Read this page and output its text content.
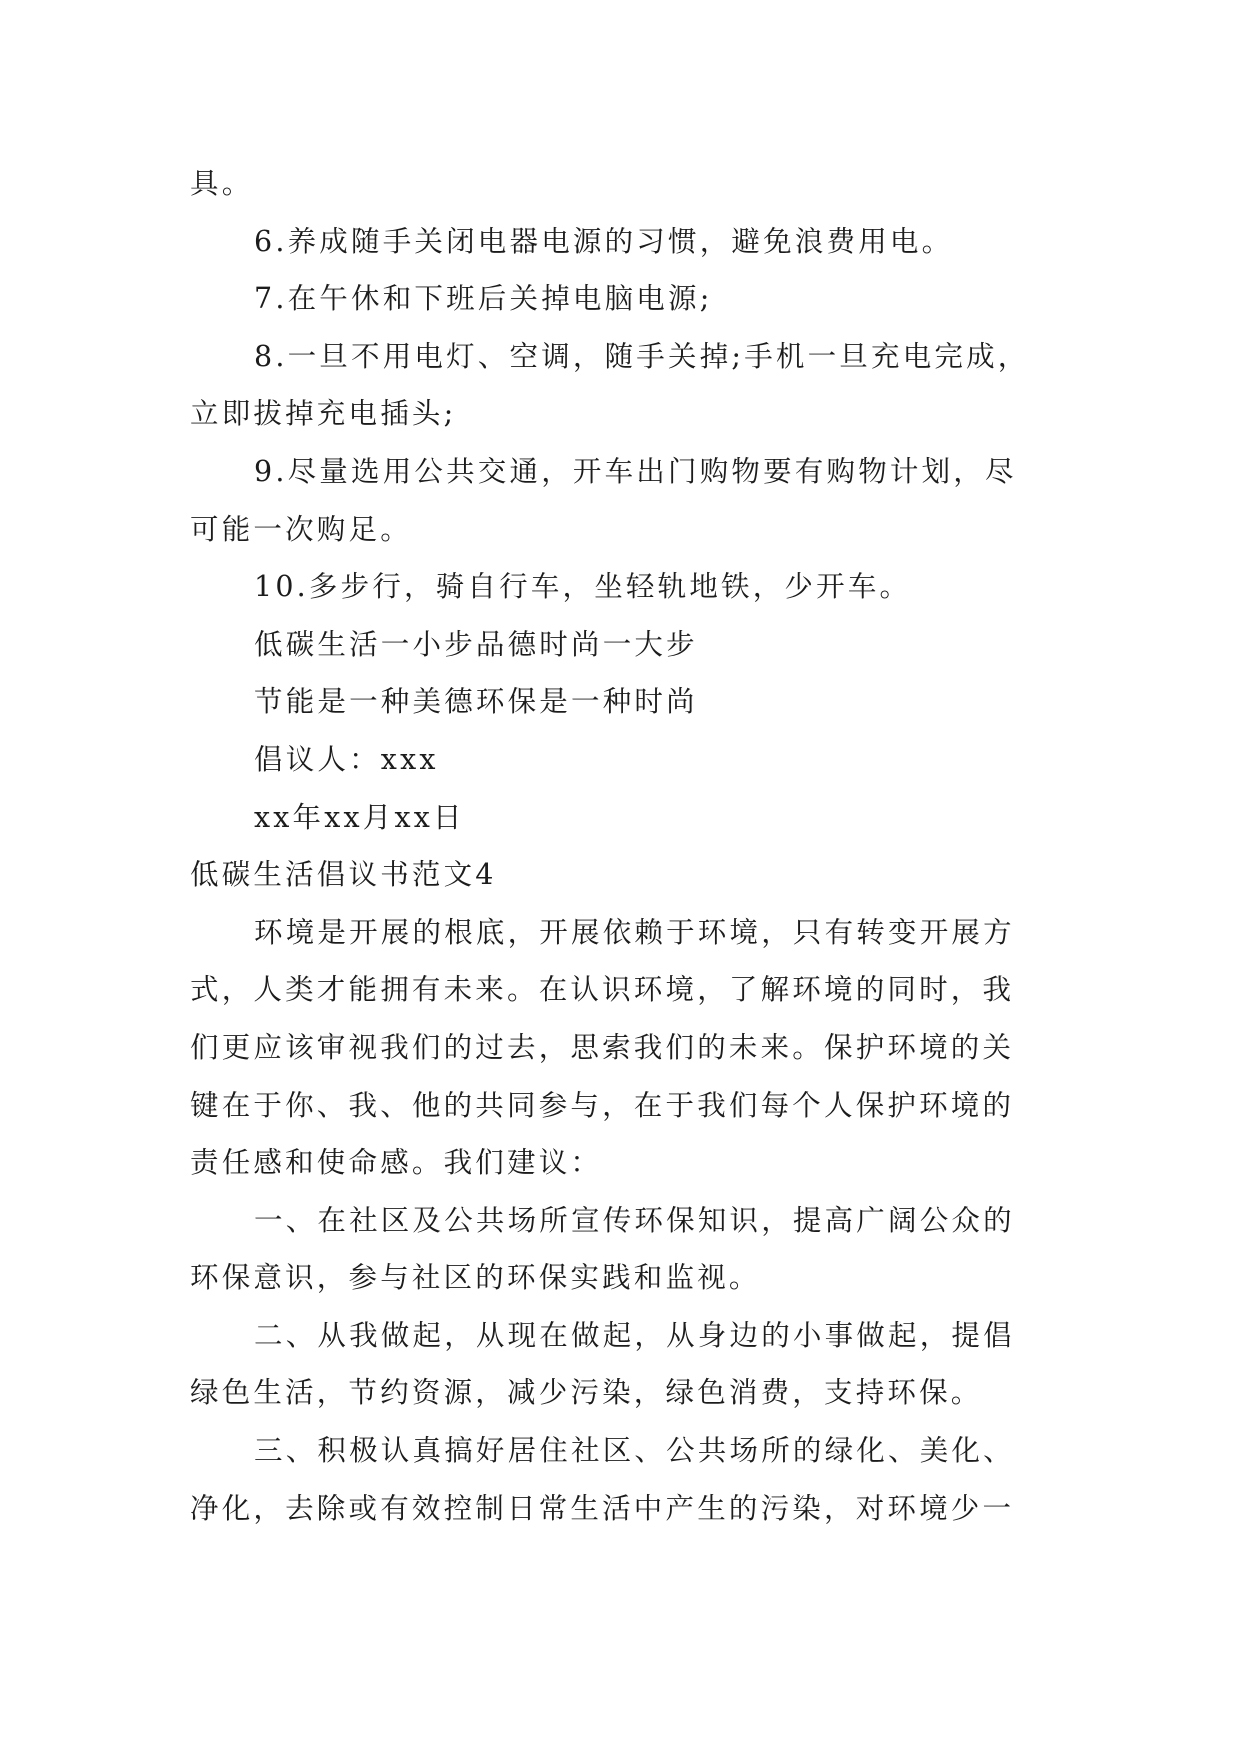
具。
6.养成随手关闭电器电源的习惯，避免浪费用电。
7.在午休和下班后关掉电脑电源;
8.一旦不用电灯、空调，随手关掉;手机一旦充电完成，
立即拔掉充电插头;
9.尽量选用公共交通，开车出门购物要有购物计划，尽
可能一次购足。
10.多步行，骑自行车，坐轻轨地铁，少开车。
低碳生活一小步品德时尚一大步
节能是一种美德环保是一种时尚
倡议人：xxx
xx年xx月xx日
低碳生活倡议书范文4
环境是开展的根底，开展依赖于环境，只有转变开展方
式，人类才能拥有未来。在认识环境，了解环境的同时，我
们更应该审视我们的过去，思索我们的未来。保护环境的关
键在于你、我、他的共同参与，在于我们每个人保护环境的
责任感和使命感。我们建议：
一、在社区及公共场所宣传环保知识，提高广阔公众的
环保意识，参与社区的环保实践和监视。
二、从我做起，从现在做起，从身边的小事做起，提倡
绿色生活，节约资源，减少污染，绿色消费，支持环保。
三、积极认真搞好居住社区、公共场所的绿化、美化、
净化，去除或有效控制日常生活中产生的污染，对环境少一
